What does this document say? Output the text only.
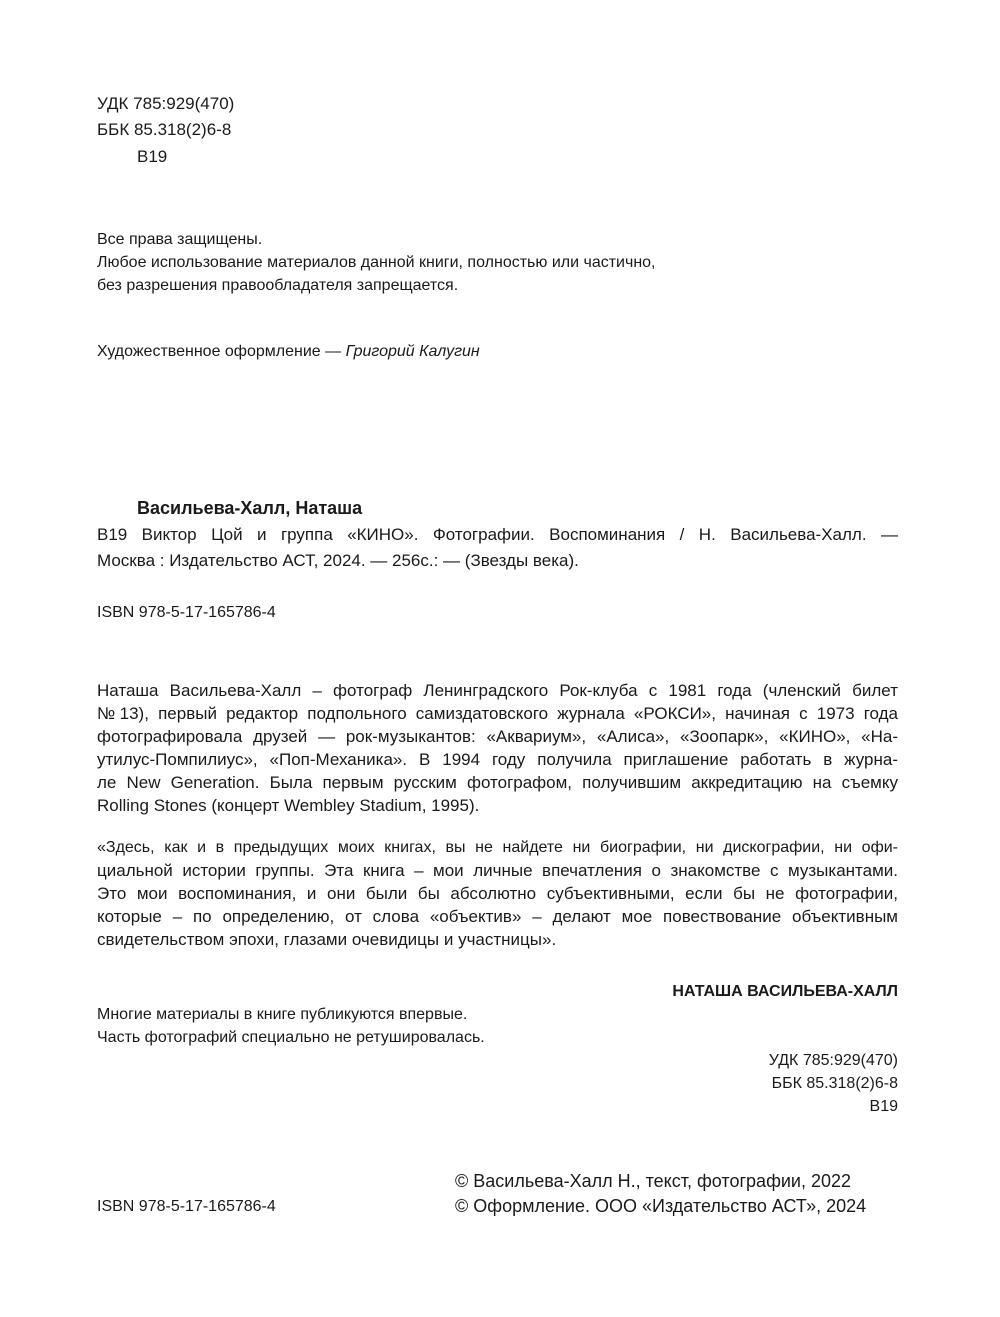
УДК 785:929(470)
ББК 85.318(2)6-8
В19
Все права защищены.
Любое использование материалов данной книги, полностью или частично,
без разрешения правообладателя запрещается.
Художественное оформление — Григорий Калугин
Васильева-Халл, Наташа
В19 Виктор Цой и группа «КИНО». Фотографии. Воспоминания / Н. Васильева-Халл. —
Москва : Издательство АСТ, 2024. — 256с.: — (Звезды века).
ISBN 978-5-17-165786-4
Наташа Васильева-Халл – фотограф Ленинградского Рок-клуба с 1981 года (членский билет
№13), первый редактор подпольного самиздатовского журнала «РОКСИ», начиная с 1973 года
фотографировала друзей — рок-музыкантов: «Аквариум», «Алиса», «Зоопарк», «КИНО», «На-
утилус-Помпилиус», «Поп-Механика». В 1994 году получила приглашение работать в журна-
ле New Generation. Была первым русским фотографом, получившим аккредитацию на съемку
Rolling Stones (концерт Wembley Stadium, 1995).
«Здесь, как и в предыдущих моих книгах, вы не найдете ни биографии, ни дискографии, ни офи-
циальной истории группы. Эта книга – мои личные впечатления о знакомстве с музыкантами.
Это мои воспоминания, и они были бы абсолютно субъективными, если бы не фотографии,
которые – по определению, от слова «объектив» – делают мое повествование объективным
свидетельством эпохи, глазами очевидицы и участницы».
НАТАША ВАСИЛЬЕВА-ХАЛЛ
Многие материалы в книге публикуются впервые.
Часть фотографий специально не ретушировалась.
УДК 785:929(470)
ББК 85.318(2)6-8
В19
ISBN 978-5-17-165786-4
© Васильева-Халл Н., текст, фотографии, 2022
© Оформление. ООО «Издательство АСТ», 2024
